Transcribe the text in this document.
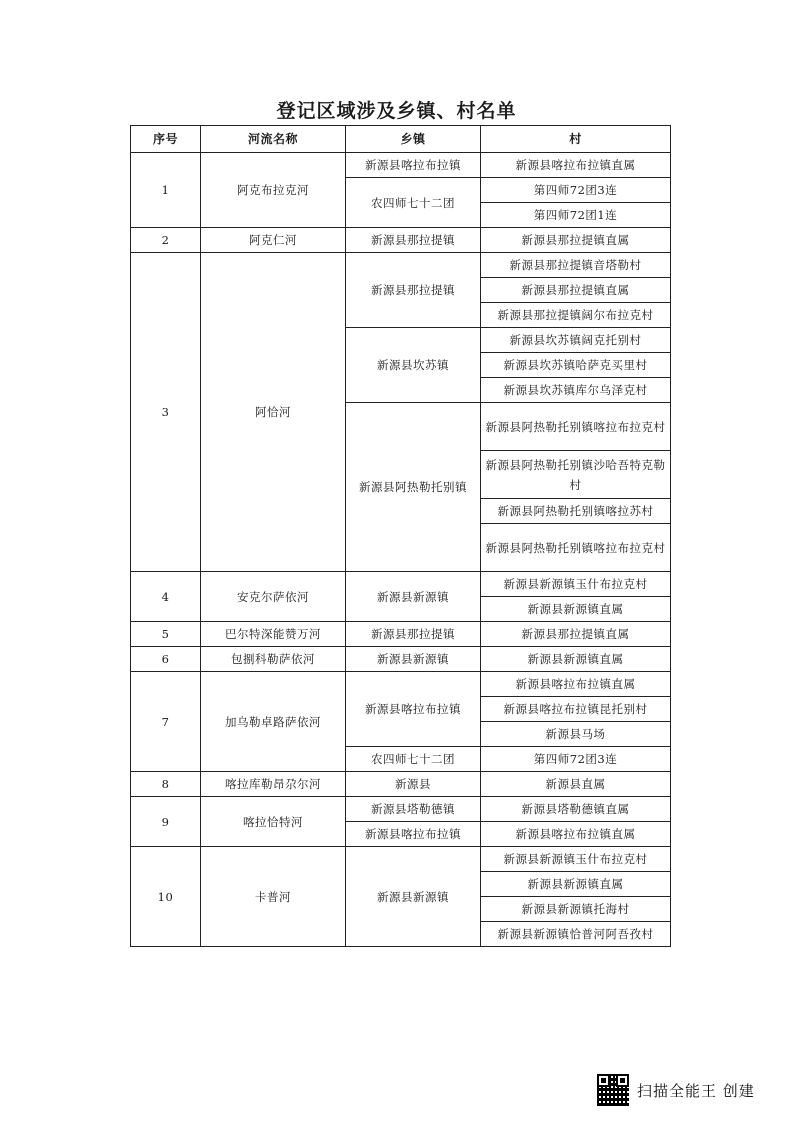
登记区域涉及乡镇、村名单
序号	河流名称	乡镇	村
1	阿克布拉克河	新源县喀拉布拉镇	新源县喀拉布拉镇直属
		农四师七十二团	第四师72团3连
			第四师72团1连
2	阿克仁河	新源县那拉提镇	新源县那拉提镇直属
3	阿恰河	新源县那拉提镇	新源县那拉提镇音塔勒村
			新源县那拉提镇直属
			新源县那拉提镇阔尔布拉克村
		新源县坎苏镇	新源县坎苏镇阔克托别村
			新源县坎苏镇哈萨克买里村
			新源县坎苏镇库尔乌泽克村
		新源县阿热勒托别镇	新源县阿热勒托别镇喀拉布拉克村
			新源县阿热勒托别镇沙哈吾特克勒村
			新源县阿热勒托别镇喀拉苏村
			新源县阿热勒托别镇喀拉布拉克村
4	安克尔萨依河	新源县新源镇	新源县新源镇玉什布拉克村
			新源县新源镇直属
5	巴尔特深能赞万河	新源县那拉提镇	新源县那拉提镇直属
6	包捌科勒萨依河	新源县新源镇	新源县新源镇直属
7	加乌勒卓路萨依河	新源县喀拉布拉镇	新源县喀拉布拉镇直属
			新源县喀拉布拉镇昆托别村
			新源县马场
		农四师七十二团	第四师72团3连
8	喀拉库勒昂尕尔河	新源县	新源县直属
9	喀拉恰特河	新源县塔勒德镇	新源县塔勒德镇直属
		新源县喀拉布拉镇	新源县喀拉布拉镇直属
10	卡普河	新源县新源镇	新源县新源镇玉什布拉克村
			新源县新源镇直属
			新源县新源镇托海村
			新源县新源镇恰普河阿吾孜村
扫描全能王 创建
